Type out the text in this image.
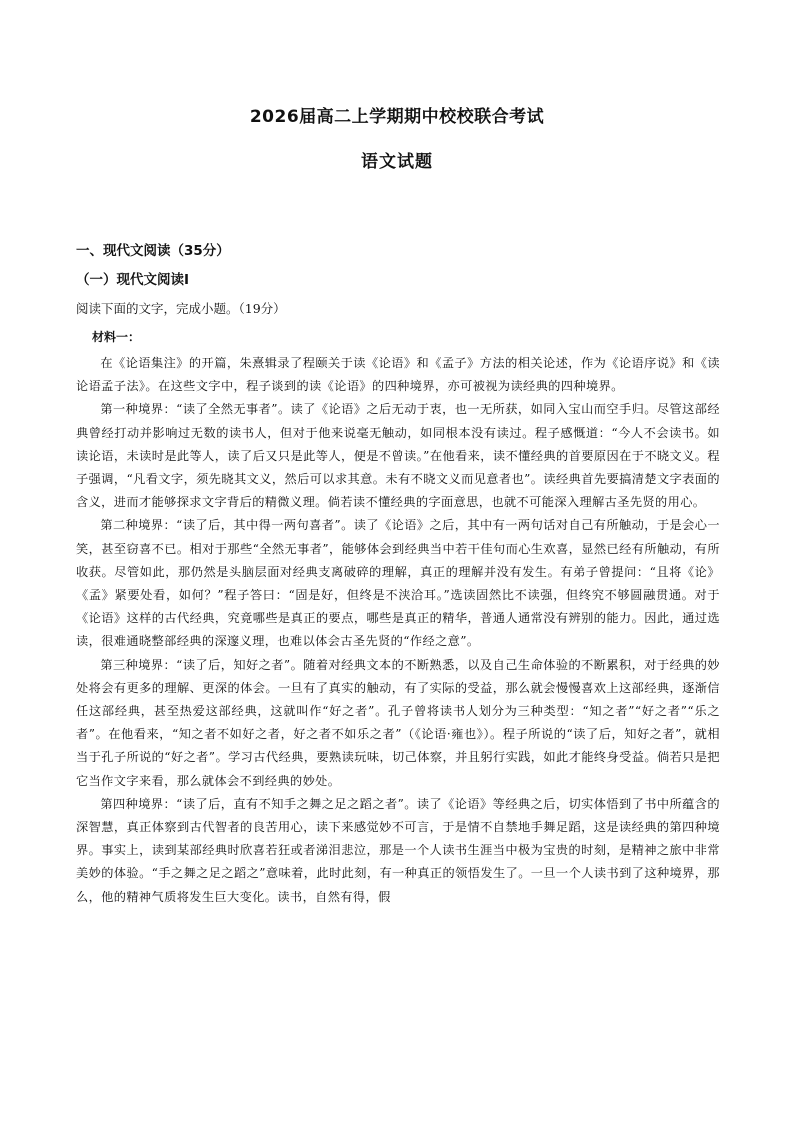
2026届高二上学期期中校校联合考试
语文试题
一、现代文阅读（35分）
（一）现代文阅读Ⅰ
阅读下面的文字，完成小题。（19分）
材料一：

在《论语集注》的开篇，朱熹辑录了程颐关于读《论语》和《孟子》方法的相关论述，作为《论语序说》和《读论语孟子法》。在这些文字中，程子谈到的读《论语》的四种境界，亦可被视为读经典的四种境界。

第一种境界：“读了全然无事者”。读了《论语》之后无动于衷，也一无所获，如同入宝山而空手归。尽管这部经典曾经打动并影响过无数的读书人，但对于他来说毫无触动，如同根本没有读过。程子感慨道：“今人不会读书。如读论语，未读时是此等人，读了后又只是此等人，便是不曾读。”在他看来，读不懂经典的首要原因在于不晓文义。程子强调，“凡看文字，须先晓其文义，然后可以求其意。未有不晓文义而见意者也”。读经典首先要搞清楚文字表面的含义，进而才能够探求文字背后的精微义理。倘若读不懂经典的字面意思，也就不可能深入理解古圣先贤的用心。

第二种境界：“读了后，其中得一两句喜者”。读了《论语》之后，其中有一两句话对自己有所触动，于是会心一笑，甚至窃喜不已。相对于那些“全然无事者”，能够体会到经典当中若干佳句而心生欢喜，显然已经有所触动，有所收获。尽管如此，那仍然是头脑层面对经典支离破碎的理解，真正的理解并没有发生。有弟子曾提问：“且将《论》《孟》紧要处看，如何？”程子答曰：“固是好，但终是不浃洽耳。”选读固然比不读强，但终究不够圆融贯通。对于《论语》这样的古代经典，究竟哪些是真正的要点，哪些是真正的精华，普通人通常没有辨别的能力。因此，通过选读，很难通晓整部经典的深邃义理，也难以体会古圣先贤的“作经之意”。

第三种境界：“读了后，知好之者”。随着对经典文本的不断熟悉，以及自己生命体验的不断累积，对于经典的妙处将会有更多的理解、更深的体会。一旦有了真实的触动，有了实际的受益，那么就会慢慢喜欢上这部经典，逐渐信任这部经典，甚至热爱这部经典，这就叫作“好之者”。孔子曾将读书人划分为三种类型：“知之者”“好之者”“乐之者”。在他看来，“知之者不如好之者，好之者不如乐之者”（《论语·雍也》）。程子所说的“读了后，知好之者”，就相当于孔子所说的“好之者”。学习古代经典，要熟读玩味，切己体察，并且躬行实践，如此才能终身受益。倘若只是把它当作文字来看，那么就体会不到经典的妙处。

第四种境界：“读了后，直有不知手之舞之足之蹈之者”。读了《论语》等经典之后，切实体悟到了书中所蕴含的深智慧，真正体察到古代智者的良苦用心，读下来感觉妙不可言，于是情不自禁地手舞足蹈，这是读经典的第四种境界。事实上，读到某部经典时欣喜若狂或者涕泪悲泣，那是一个人读书生涯当中极为宝贵的时刻，是精神之旅中非常美妙的体验。“手之舞之足之蹈之”意味着，此时此刻，有一种真正的领悟发生了。一旦一个人读书到了这种境界，那么，他的精神气质将发生巨大变化。读书，自然有得，假
